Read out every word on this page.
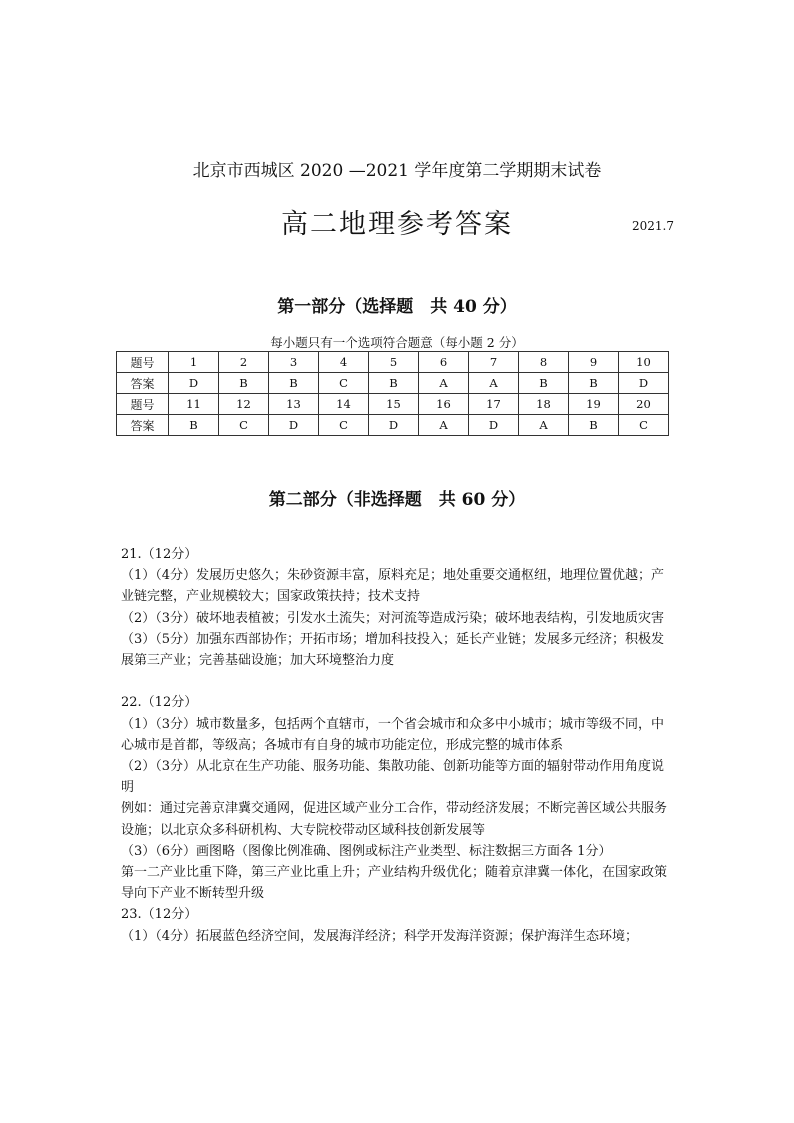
北京市西城区 2020 —2021 学年度第二学期期末试卷
高二地理参考答案	2021.7
第一部分（选择题　共 40 分）
每小题只有一个选项符合题意（每小题 2 分）
题号	1	2	3	4	5	6	7	8	9	10
答案	D	B	B	C	B	A	A	B	B	D
题号	11	12	13	14	15	16	17	18	19	20
答案	B	C	D	C	D	A	D	A	B	C
第二部分（非选择题　共 60 分）

21.（12分）

（1）（4分）发展历史悠久；朱砂资源丰富，原料充足；地处重要交通枢纽，地理位置优越；产业链完整，产业规模较大；国家政策扶持；技术支持

（2）（3分）破坏地表植被；引发水土流失；对河流等造成污染；破坏地表结构，引发地质灾害

（3）（5分）加强东西部协作；开拓市场；增加科技投入；延长产业链；发展多元经济；积极发展第三产业；完善基础设施；加大环境整治力度

22.（12分）

（1）（3分）城市数量多，包括两个直辖市，一个省会城市和众多中小城市；城市等级不同，中心城市是首都，等级高；各城市有自身的城市功能定位，形成完整的城市体系

（2）（3分）从北京在生产功能、服务功能、集散功能、创新功能等方面的辐射带动作用角度说明

例如：通过完善京津冀交通网，促进区域产业分工合作，带动经济发展；不断完善区域公共服务设施；以北京众多科研机构、大专院校带动区域科技创新发展等

（3）（6分）画图略（图像比例准确、图例或标注产业类型、标注数据三方面各 1分）

第一二产业比重下降，第三产业比重上升；产业结构升级优化；随着京津冀一体化，在国家政策导向下产业不断转型升级

23.（12分）

（1）（4分）拓展蓝色经济空间，发展海洋经济；科学开发海洋资源；保护海洋生态环境；
